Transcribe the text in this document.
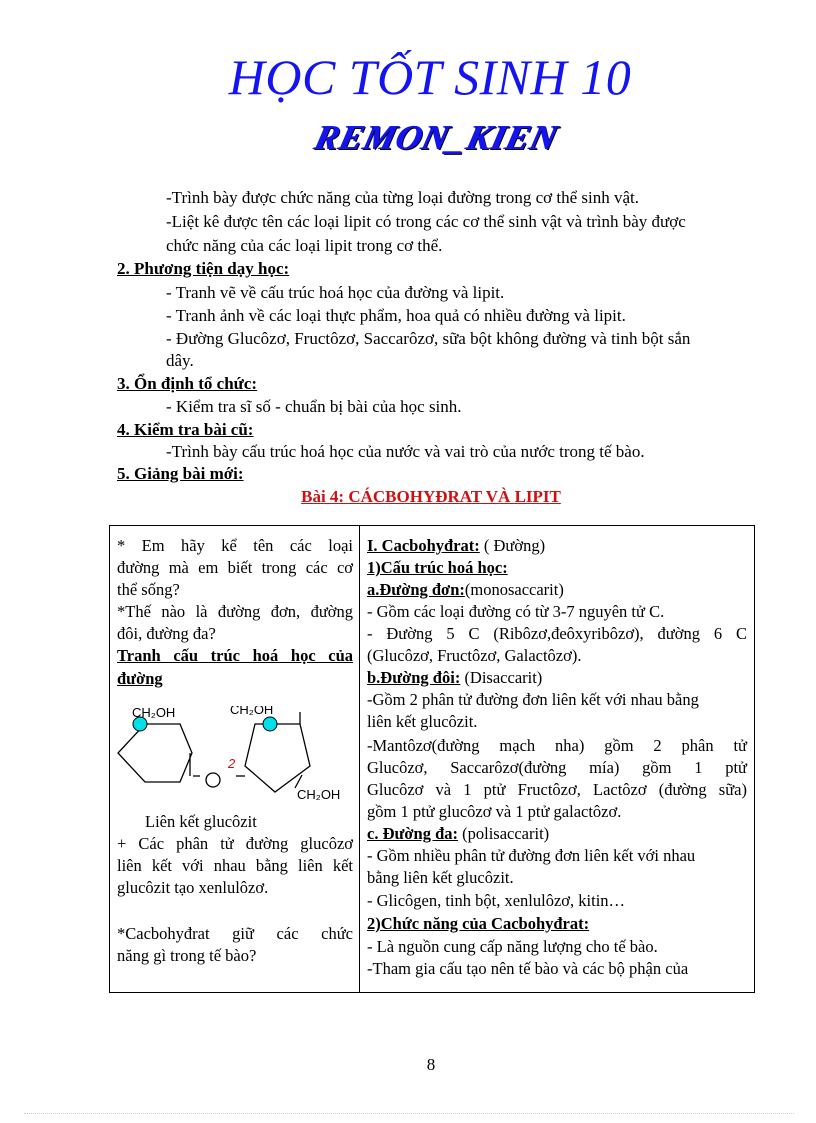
HỌC TỐT SINH 10
REMON_KIEN
-Trình bày được chức năng của từng loại đường trong cơ thể sinh vật.
-Liệt kê được tên các loại lipit có trong các cơ thể sinh vật và trình bày được
chức năng của các loại lipit trong cơ thể.
2. Phương tiện dạy học:
- Tranh vẽ về cấu trúc hoá học của đường và lipit.
- Tranh ảnh về các loại thực phẩm, hoa quả có nhiều đường và lipit.
- Đường Glucôzơ, Fructôzơ, Saccarôzơ, sữa bột không đường và tinh bột sắn
dây.
3. Ổn định tổ chức:
- Kiểm tra sĩ số - chuẩn bị bài của học sinh.
4. Kiểm tra bài cũ:
-Trình bày cấu trúc hoá học của nước và vai trò của nước trong tế bào.
5. Giảng bài mới:
Bài 4: CÁCBOHYĐRAT VÀ LIPIT
* Em hãy kể tên các loại
đường mà em biết trong các cơ
thể sống?
*Thế nào là đường đơn, đường
đôi, đường đa?
Tranh cấu trúc hoá học của
đường
CH₂OH	CH₂OH
CH₂OH
2
Liên kết glucôzit
+ Các phân tử đường glucôzơ
liên kết với nhau bằng liên kết
glucôzit tạo xenlulôzơ.
*Cacbohyđrat giữ các chức
năng gì trong tế bào?

I. Cacbohyđrat: ( Đường)
1)Cấu trúc hoá học:
a.Đường đơn:(monosaccarit)
- Gồm các loại đường có từ 3-7 nguyên tử C.
- Đường 5 C (Ribôzơ,đeôxyribôzơ), đường 6 C
(Glucôzơ, Fructôzơ, Galactôzơ).
b.Đường đôi: (Disaccarit)
-Gồm 2 phân tử đường đơn liên kết với nhau bằng
liên kết glucôzit.
-Mantôzơ(đường mạch nha) gồm 2 phân tử
Glucôzơ, Saccarôzơ(đường mía) gồm 1 ptử
Glucôzơ và 1 ptử Fructôzơ, Lactôzơ (đường sữa)
gồm 1 ptử glucôzơ và 1 ptử galactôzơ.
c. Đường đa: (polisaccarit)
- Gồm nhiều phân tử đường đơn liên kết với nhau
bằng liên kết glucôzit.
- Glicôgen, tinh bột, xenlulôzơ, kitin…
2)Chức năng của Cacbohyđrat:
- Là nguồn cung cấp năng lượng cho tế bào.
-Tham gia cấu tạo nên tế bào và các bộ phận của
8
